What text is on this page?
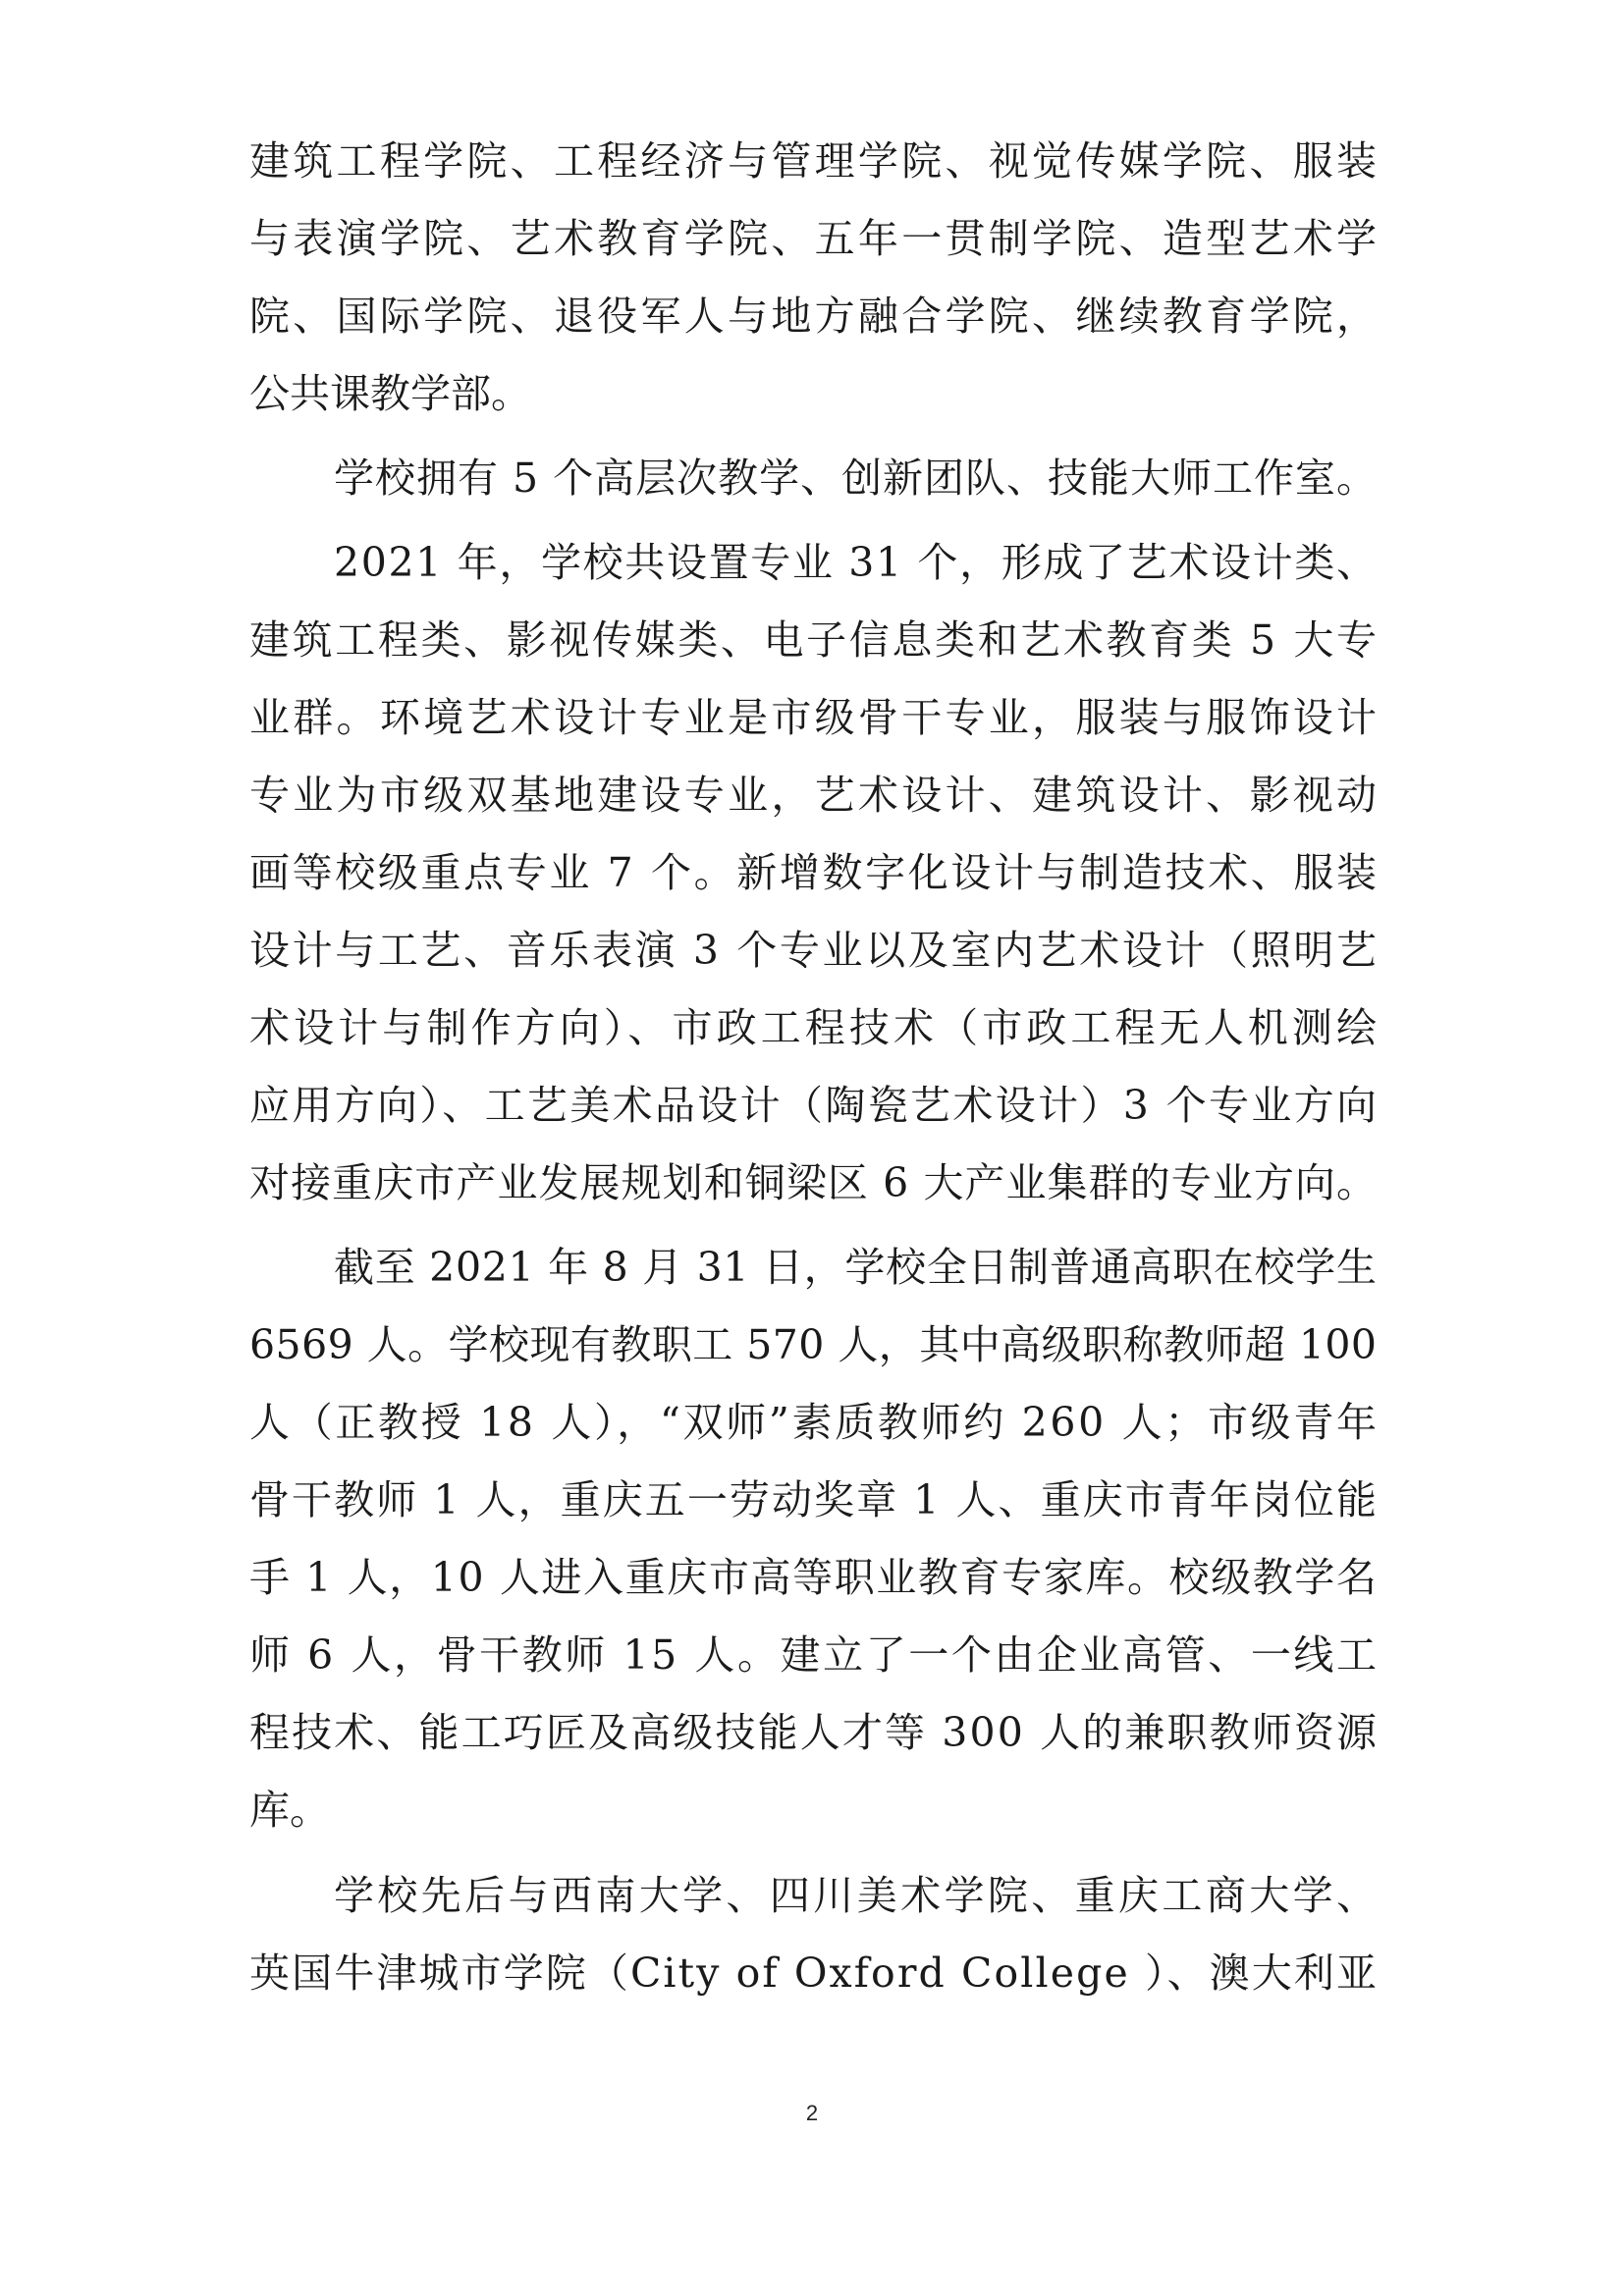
建筑工程学院、工程经济与管理学院、视觉传媒学院、服装
与表演学院、艺术教育学院、五年一贯制学院、造型艺术学
院、国际学院、退役军人与地方融合学院、继续教育学院，
公共课教学部。
学校拥有 5 个高层次教学、创新团队、技能大师工作室。
2021 年，学校共设置专业 31 个，形成了艺术设计类、
建筑工程类、影视传媒类、电子信息类和艺术教育类 5 大专
业群。环境艺术设计专业是市级骨干专业，服装与服饰设计
专业为市级双基地建设专业，艺术设计、建筑设计、影视动
画等校级重点专业 7 个。新增数字化设计与制造技术、服装
设计与工艺、音乐表演 3 个专业以及室内艺术设计（照明艺
术设计与制作方向）、市政工程技术（市政工程无人机测绘
应用方向）、工艺美术品设计（陶瓷艺术设计）3 个专业方向
对接重庆市产业发展规划和铜梁区 6 大产业集群的专业方向。
截至 2021 年 8 月 31 日，学校全日制普通高职在校学生
6569 人。学校现有教职工 570 人，其中高级职称教师超 100
人（正教授 18 人），“双师”素质教师约 260 人；市级青年
骨干教师 1 人，重庆五一劳动奖章 1 人、重庆市青年岗位能
手 1 人，10 人进入重庆市高等职业教育专家库。校级教学名
师 6 人，骨干教师 15 人。建立了一个由企业高管、一线工
程技术、能工巧匠及高级技能人才等 300 人的兼职教师资源
库。
学校先后与西南大学、四川美术学院、重庆工商大学、
英国牛津城市学院（City of Oxford College ）、澳大利亚
2
